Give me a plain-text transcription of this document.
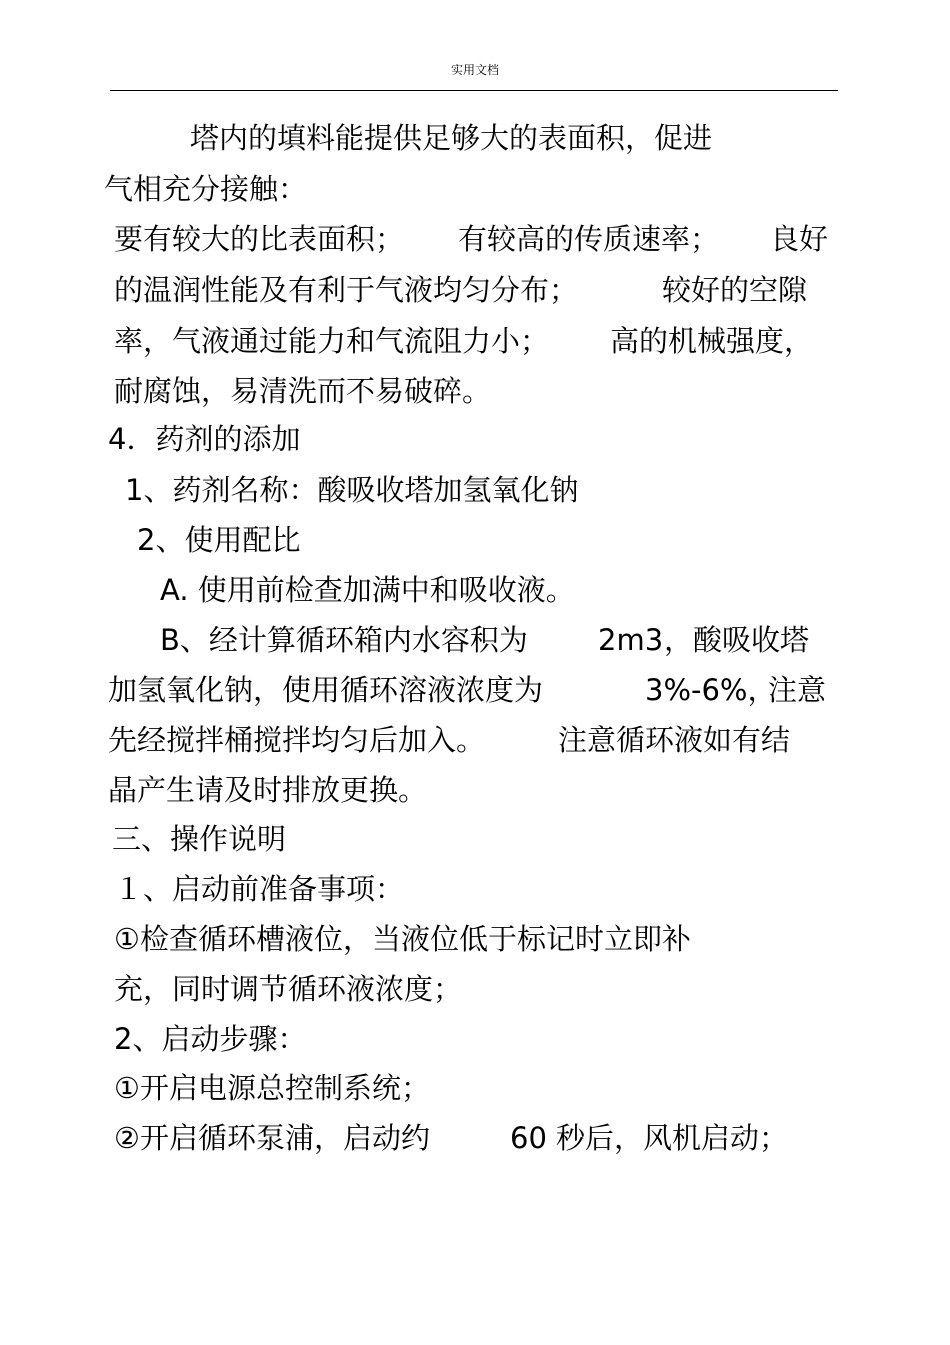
实用文档
塔内的填料能提供足够大的表面积，促进
气相充分接触：
要有较大的比表面积； 有较高的传质速率； 良好
的温润性能及有利于气液均匀分布；	较好的空隙
率，气液通过能力和气流阻力小； 高的机械强度，
耐腐蚀，易清洗而不易破碎。
4．药剂的添加
1、药剂名称：酸吸收塔加氢氧化钠
2、使用配比
A. 使用前检查加满中和吸收液。
B、经计算循环箱内水容积为 2m3 ，酸吸收塔
加氢氧化钠，使用循环溶液浓度为	3%-6%，
注意
先经搅拌桶搅拌均匀后加入。	注意循环液如有结
晶产生请及时排放更换。
三、操作说明
１、启动前准备事项：
①检查循环槽液位，当液位低于标记时立即补
充，同时调节循环液浓度；
2、启动步骤：
①开启电源总控制系统；
②开启循环泵浦，启动约	60 秒后，风机启动；
